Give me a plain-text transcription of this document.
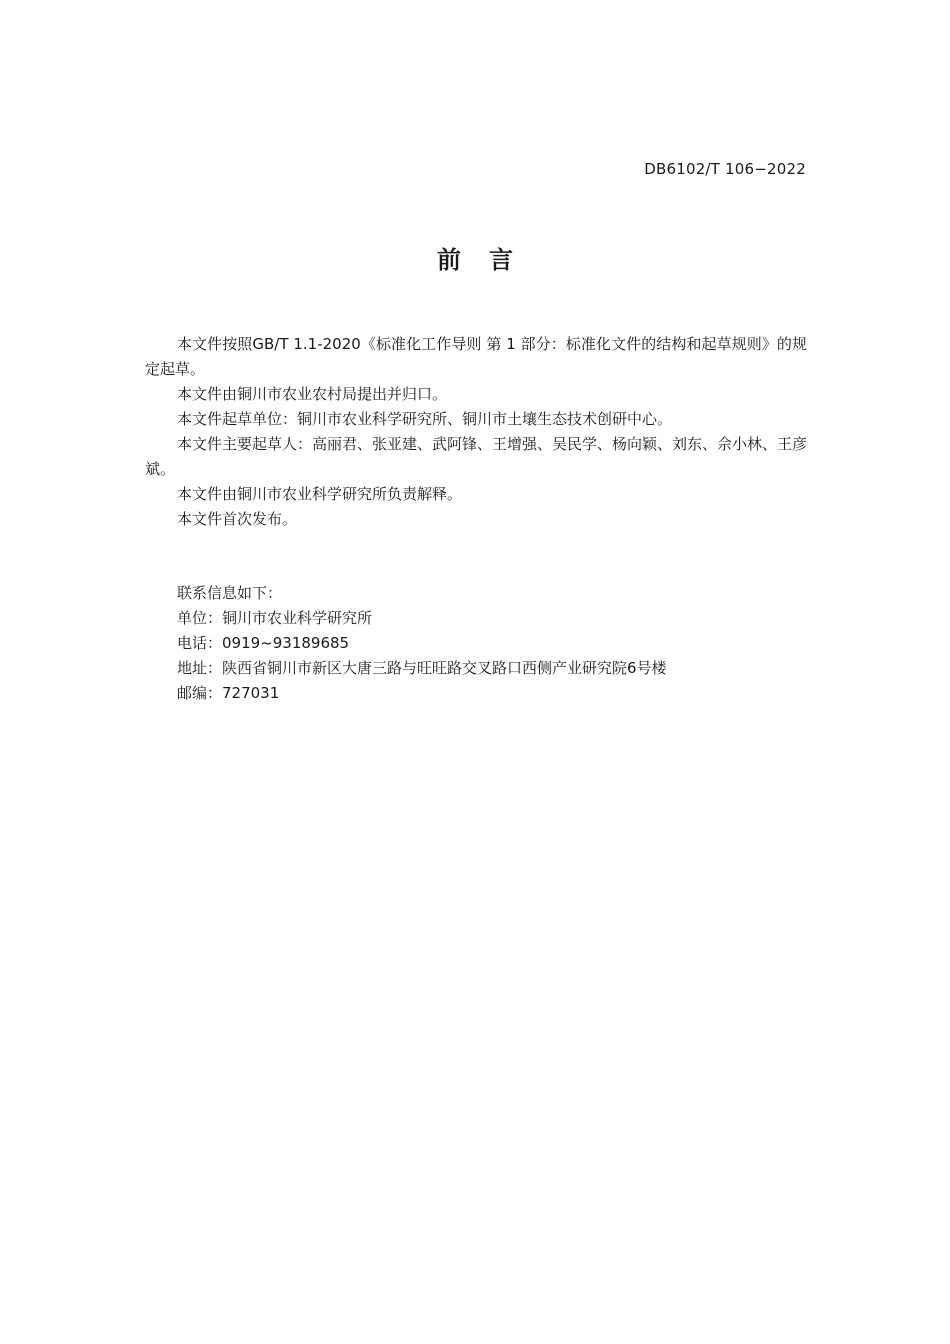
DB6102/T 106−2022
前言

本文件按照GB/T 1.1-2020《标准化工作导则 第 1 部分：标准化文件的结构和起草规则》的规定起草。

本文件由铜川市农业农村局提出并归口。

本文件起草单位：铜川市农业科学研究所、铜川市土壤生态技术创研中心。

本文件主要起草人：高丽君、张亚建、武阿锋、王增强、吴民学、杨向颖、刘东、佘小林、王彦斌。

本文件由铜川市农业科学研究所负责解释。

本文件首次发布。

联系信息如下：

单位：铜川市农业科学研究所

电话：0919~93189685

地址：陕西省铜川市新区大唐三路与旺旺路交叉路口西侧产业研究院6号楼

邮编：727031
